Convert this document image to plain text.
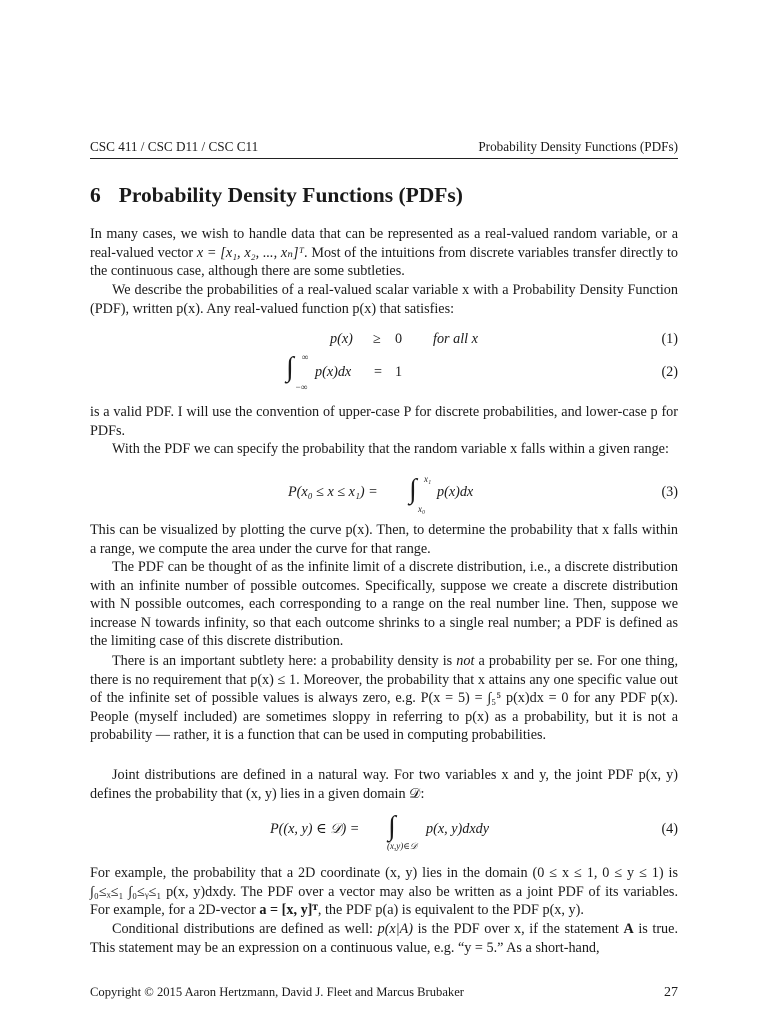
CSC 411 / CSC D11 / CSC C11	Probability Density Functions (PDFs)
6 Probability Density Functions (PDFs)
In many cases, we wish to handle data that can be represented as a real-valued random variable, or a real-valued vector x = [x₁, x₂, ..., xₙ]ᵀ. Most of the intuitions from discrete variables transfer directly to the continuous case, although there are some subtleties.
We describe the probabilities of a real-valued scalar variable x with a Probability Density Function (PDF), written p(x). Any real-valued function p(x) that satisfies:
p(x) ≥ 0 for all x	(1)
∫ ∞
−∞
p(x)dx = 1	(2)
is a valid PDF. I will use the convention of upper-case P for discrete probabilities, and lower-case p for PDFs.
With the PDF we can specify the probability that the random variable x falls within a given range:
P(x₀ ≤ x ≤ x₁) = ∫ x₁
x₀
p(x)dx	(3)
This can be visualized by plotting the curve p(x). Then, to determine the probability that x falls within a range, we compute the area under the curve for that range.
The PDF can be thought of as the infinite limit of a discrete distribution, i.e., a discrete distribution with an infinite number of possible outcomes. Specifically, suppose we create a discrete distribution with N possible outcomes, each corresponding to a range on the real number line. Then, suppose we increase N towards infinity, so that each outcome shrinks to a single real number; a PDF is defined as the limiting case of this discrete distribution.
There is an important subtlety here: a probability density is not a probability per se. For one thing, there is no requirement that p(x) ≤ 1. Moreover, the probability that x attains any one specific value out of the infinite set of possible values is always zero, e.g. P(x = 5) = ∫₅⁵ p(x)dx = 0 for any PDF p(x). People (myself included) are sometimes sloppy in referring to p(x) as a probability, but it is not a probability — rather, it is a function that can be used in computing probabilities.
Joint distributions are defined in a natural way. For two variables x and y, the joint PDF p(x, y) defines the probability that (x, y) lies in a given domain 𝒟:
P((x, y) ∈ 𝒟) = ∫
(x,y)∈𝒟
p(x, y)dxdy	(4)
For example, the probability that a 2D coordinate (x, y) lies in the domain (0 ≤ x ≤ 1, 0 ≤ y ≤ 1) is ∫₀≤ₓ≤₁ ∫₀≤ᵧ≤₁ p(x, y)dxdy. The PDF over a vector may also be written as a joint PDF of its variables. For example, for a 2D-vector a = [x, y]ᵀ, the PDF p(a) is equivalent to the PDF p(x, y).
Conditional distributions are defined as well: p(x|A) is the PDF over x, if the statement A is true. This statement may be an expression on a continuous value, e.g. “y = 5.” As a short-hand,
Copyright © 2015 Aaron Hertzmann, David J. Fleet and Marcus Brubaker	27
